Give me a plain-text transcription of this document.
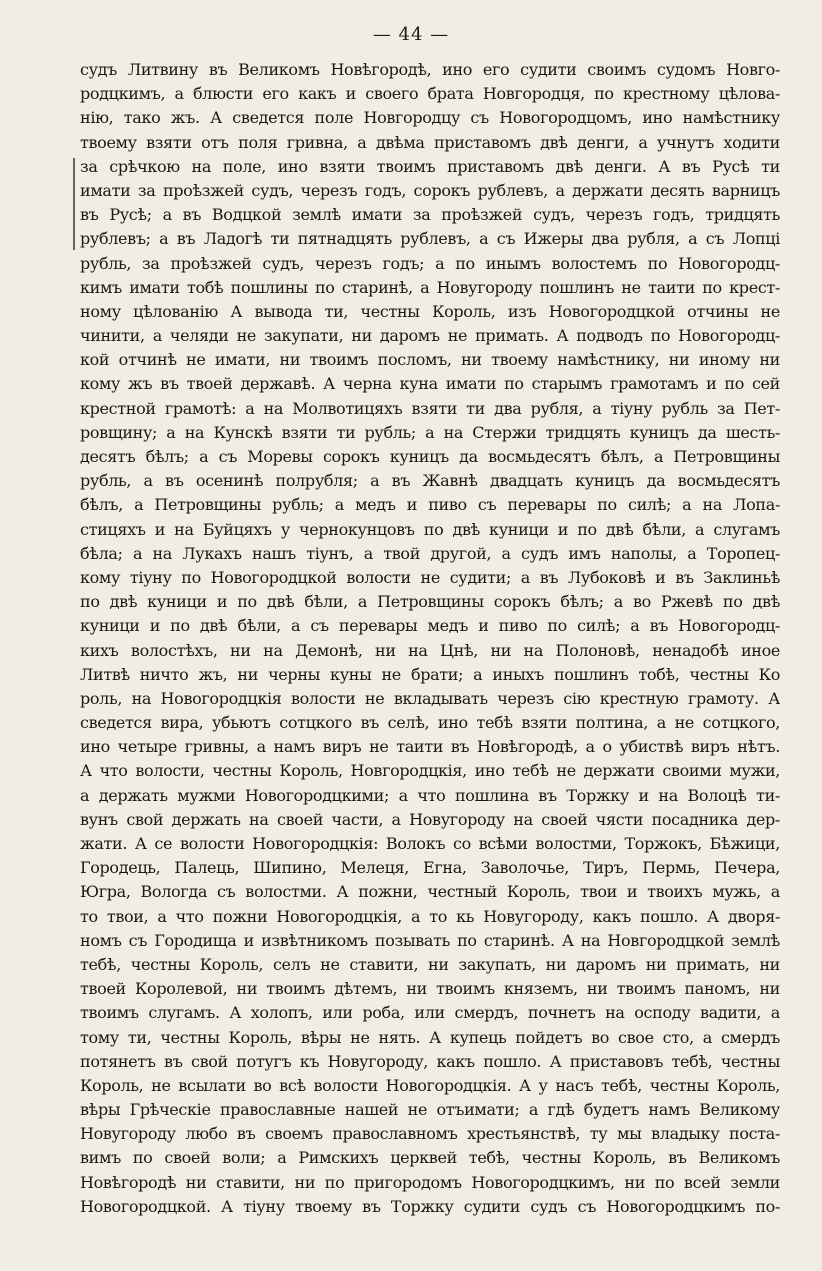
— 44 —
судъ Литвину въ Великомъ Новѣгородѣ, ино его судити своимъ судомъ Новго-
родцкимъ, а блюсти его какъ и своего брата Новгородця, по крестному цѣлова-
нію, тако жъ. А сведется поле Новгородцу съ Новогородцомъ, ино намѣстнику
твоему взяти отъ поля гривна, а двѣма приставомъ двѣ денги, а учнутъ ходити
за срѣчкою на поле, ино взяти твоимъ приставомъ двѣ денги. А въ Русѣ ти
имати за проѣзжей судъ, черезъ годъ, сорокъ рублевъ, а держати десять варницъ
въ Русѣ; а въ Водцкой землѣ имати за проѣзжей судъ, черезъ годъ, тридцять
рублевъ; а въ Ладогѣ ти пятнадцять рублевъ, а съ Ижеры два рубля, а съ Лопці
рубль, за проѣзжей судъ, черезъ годъ; а по инымъ волостемъ по Новогородц-
кимъ имати тобѣ пошлины по старинѣ, а Новугороду пошлинъ не таити по крест-
ному цѣлованію А вывода ти, честны Король, изъ Новогородцкой отчины не
чинити, а челяди не закупати, ни даромъ не примать. А подводъ по Новогородц-
кой отчинѣ не имати, ни твоимъ посломъ, ни твоему намѣстнику, ни иному ни
кому жъ въ твоей державѣ. А черна куна имати по старымъ грамотамъ и по сей
крестной грамотѣ: а на Молвотицяхъ взяти ти два рубля, а тіуну рубль за Пет-
ровщину; а на Кунскѣ взяти ти рубль; а на Стержи тридцять куницъ да шесть-
десятъ бѣлъ; а съ Моревы сорокъ куницъ да восмьдесятъ бѣлъ, а Петровщины
рубль, а въ осенинѣ полрубля; а въ Жавнѣ двадцать куницъ да восмьдесятъ
бѣлъ, а Петровщины рубль; а медъ и пиво съ перевары по силѣ; а на Лопа-
стицяхъ и на Буйцяхъ у чернокунцовъ по двѣ куници и по двѣ бѣли, а слугамъ
бѣла; а на Лукахъ нашъ тіунъ, а твой другой, а судъ имъ наполы, а Торопец-
кому тіуну по Новогородцкой волости не судити; а въ Лубоковѣ и въ Заклиньѣ
по двѣ куници и по двѣ бѣли, а Петровщины сорокъ бѣлъ; а во Ржевѣ по двѣ
куници и по двѣ бѣли, а съ перевары медъ и пиво по силѣ; а въ Новогородц-
кихъ волостѣхъ, ни на Демонѣ, ни на Цнѣ, ни на Полоновѣ, ненадобѣ иное
Литвѣ ничто жъ, ни черны куны не брати; а иныхъ пошлинъ тобѣ, честны Ко
роль, на Новогородцкія волости не вкладывать черезъ сію крестную грамоту. А
сведется вира, убьютъ сотцкого въ селѣ, ино тебѣ взяти полтина, а не сотцкого,
ино четыре гривны, а намъ виръ не таити въ Новѣгородѣ, а о убиствѣ виръ нѣтъ.
А что волости, честны Король, Новгородцкія, ино тебѣ не держати своими мужи,
а держать мужми Новогородцкими; а что пошлина въ Торжку и на Волоцѣ ти-
вунъ свой держать на своей части, а Новугороду на своей чясти посадника дер-
жати. А се волости Новогородцкія: Волокъ со всѣми волостми, Торжокъ, Бѣжици,
Городець, Палець, Шипино, Мелеця, Егна, Заволочье, Тиръ, Пермь, Печера,
Югра, Вологда съ волостми. А пожни, честный Король, твои и твоихъ мужь, а
то твои, а что пожни Новогородцкія, а то кь Новугороду, какъ пошло. А дворя-
номъ съ Городища и извѣтникомъ позывать по старинѣ. А на Новгородцкой землѣ
тебѣ, честны Король, селъ не ставити, ни закупать, ни даромъ ни примать, ни
твоей Королевой, ни твоимъ дѣтемъ, ни твоимъ княземъ, ни твоимъ паномъ, ни
твоимъ слугамъ. А холопъ, или роба, или смердъ, почнетъ на осподу вадити, а
тому ти, честны Король, вѣры не нять. А купець пойдетъ во свое сто, а смердъ
потянетъ въ свой потугъ къ Новугороду, какъ пошло. А приставовъ тебѣ, честны
Король, не всылати во всѣ волости Новогородцкія. А у насъ тебѣ, честны Король,
вѣры Грѣческіе православные нашей не отъимати; а гдѣ будетъ намъ Великому
Новугороду любо въ своемъ православномъ хрестьянствѣ, ту мы владыку поста-
вимъ по своей воли; а Римскихъ церквей тебѣ, честны Король, въ Великомъ
Новѣгородѣ ни ставити, ни по пригородомъ Новогородцкимъ, ни по всей земли
Новогородцкой. А тіуну твоему въ Торжку судити судъ съ Новогородцкимъ по-
